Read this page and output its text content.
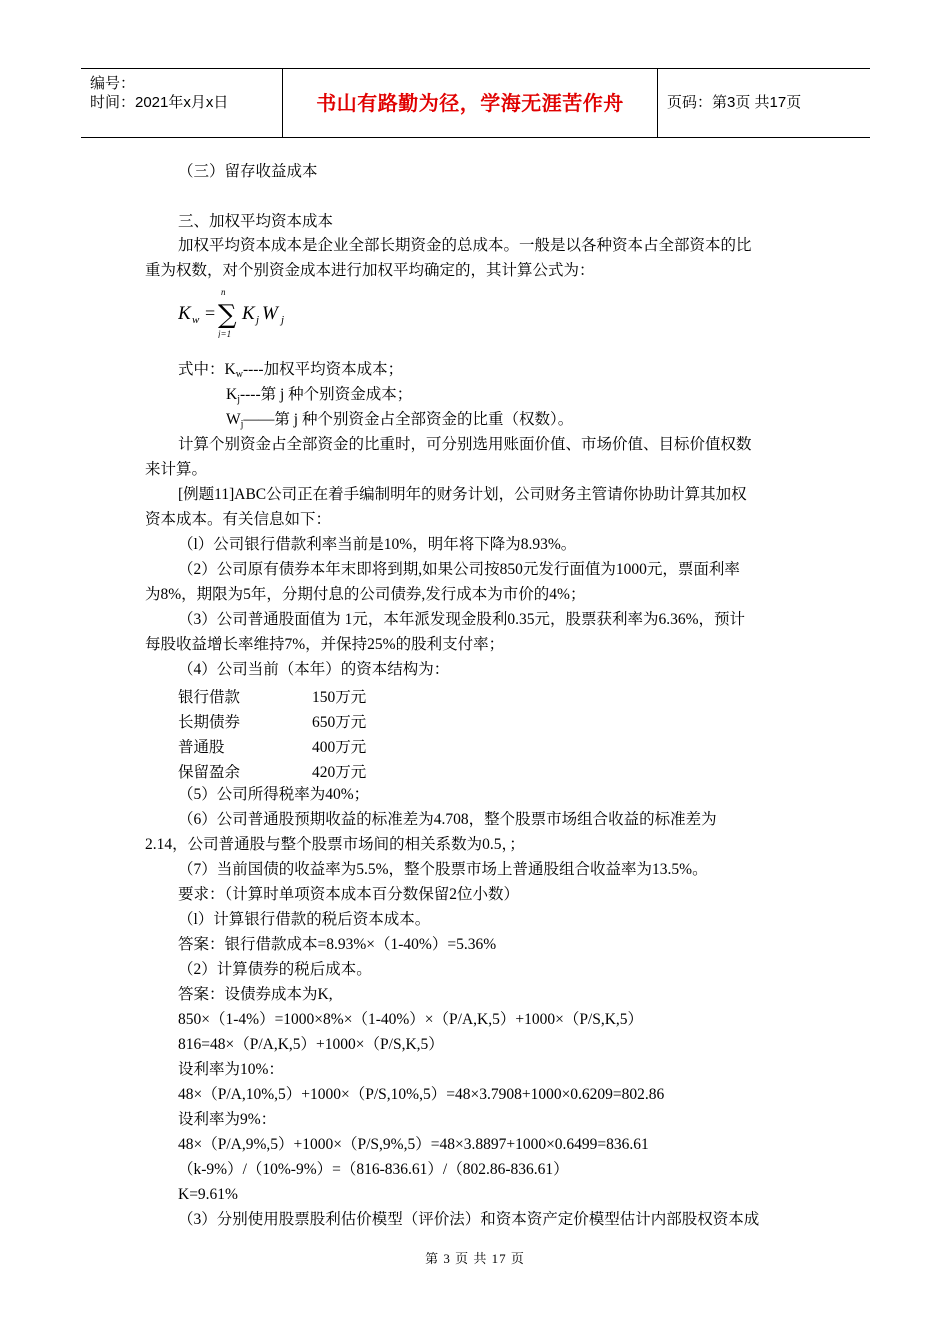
编号：
时间：2021年x月x日	书山有路勤为径，学海无涯苦作舟	页码：第3页 共17页
（三）留存收益成本
三、加权平均资本成本
加权平均资本成本是企业全部长期资金的总成本。一般是以各种资本占全部资本的比
重为权数，对个别资金成本进行加权平均确定的，其计算公式为：
K w =
n
∑
j=1
K j W j
式中：$K_w----$加权平均资本成本；
$K_j----$第 j 种个别资金成本；
$W_j——$第 j 种个别资金占全部资金的比重（权数）。
计算个别资金占全部资金的比重时，可分别选用账面价值、市场价值、目标价值权数
来计算。
[例题11]ABC公司正在着手编制明年的财务计划，公司财务主管请你协助计算其加权
资本成本。有关信息如下：
（l）公司银行借款利率当前是10%，明年将下降为8.93%。
（2）公司原有债券本年末即将到期,如果公司按850元发行面值为1000元，票面利率
为8%，期限为5年，分期付息的公司债券,发行成本为市价的4%；
（3）公司普通股面值为 1元，本年派发现金股利0.35元，股票获利率为6.36%，预计
每股收益增长率维持7%，并保持25%的股利支付率；
（4）公司当前（本年）的资本结构为：
银行借款	150万元
长期债券	650万元
普通股	400万元
保留盈余	420万元
（5）公司所得税率为40%；
（6）公司普通股预期收益的标准差为4.708，整个股票市场组合收益的标准差为
2.14，公司普通股与整个股票市场间的相关系数为0.5，；
（7）当前国债的收益率为5.5%，整个股票市场上普通股组合收益率为13.5%。
要求：（计算时单项资本成本百分数保留2位小数）
（l）计算银行借款的税后资本成本。
答案：银行借款成本=8.93%×（1-40%）=5.36%
（2）计算债券的税后成本。
答案：设债券成本为K,
850×（1-4%）=1000×8%×（1-40%）×（P/A,K,5）+1000×（P/S,K,5）
816=48×（P/A,K,5）+1000×（P/S,K,5）
设利率为10%：
48×（P/A,10%,5）+1000×（P/S,10%,5）=48×3.7908+1000×0.6209=802.86
设利率为9%：
48×（P/A,9%,5）+1000×（P/S,9%,5）=48×3.8897+1000×0.6499=836.61
（k-9%）/（10%-9%）=（816-836.61）/（802.86-836.61）
K=9.61%
（3）分别使用股票股利估价模型（评价法）和资本资产定价模型估计内部股权资本成
第 3 页 共 17 页
